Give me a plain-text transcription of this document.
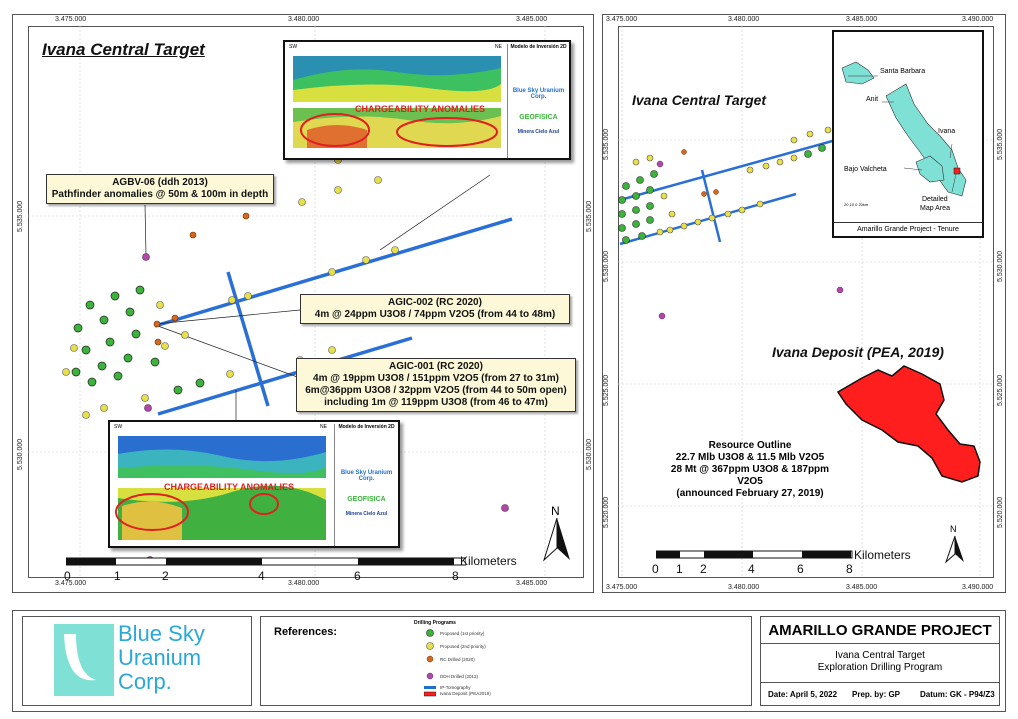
3.475.000	3.480.000	3.485.000
3.475.000	3.480.000	3.485.000
5.535.000
5.530.000
5.535.000
5.530.000
Ivana Central Target
AGBV-06 (ddh 2013)
Pathfinder anomalies @ 50m & 100m in depth
AGIC-002 (RC 2020)
4m @ 24ppm U3O8 / 74ppm V2O5 (from 44 to 48m)
AGIC-001 (RC 2020)
4m @ 19ppm U3O8 / 151ppm V2O5 (from 27 to 31m)
6m@36ppm U3O8 / 32ppm V2O5 (from 44 to 50m open)
including 1m @ 119ppm U3O8 (from 46 to 47m)
CHARGEABILITY ANOMALIES
SW	NE	Modelo de Inversión 2D
Blue Sky Uranium Corp.
GEOFISICA
Minera Cielo Azul
CHARGEABILITY ANOMALIES
SW	NE	Modelo de Inversión 2D
Blue Sky Uranium Corp.
GEOFISICA
Minera Cielo Azul
0	1	2	4	6	8
Kilometers
N
3.475.000	3.480.000	3.485.000	3.490.000
3.475.000	3.480.000	3.485.000	3.490.000
5.535.000
5.530.000
5.525.000
5.520.000
5.535.000
5.530.000
5.525.000
5.520.000
Ivana Central Target
Ivana Deposit (PEA, 2019)
Resource Outline
22.7 Mlb U3O8 & 11.5 Mlb V2O5
28 Mt @ 367ppm U3O8 & 187ppm V2O5
(announced February 27, 2019)
Santa Barbara
Anit
Ivana
Bajo Valcheta
Detailed
Map Area
20 10 0 20km
Amarillo Grande Project - Tenure
0 1 2	4	6	8
Kilometers
N
Blue Sky
Uranium
Corp.
References:
Drilling Programs
Proposed (1st priority)
Proposed (2nd priority)
RC Drilled (2020)
DDH Drilled (2013)
IP-Tomography
Ivana Deposit (PEA2019)
AMARILLO GRANDE PROJECT
Ivana Central Target
Exploration Drilling Program
Date: April 5, 2022 Prep. by: GP Datum: GK - P94/Z3
